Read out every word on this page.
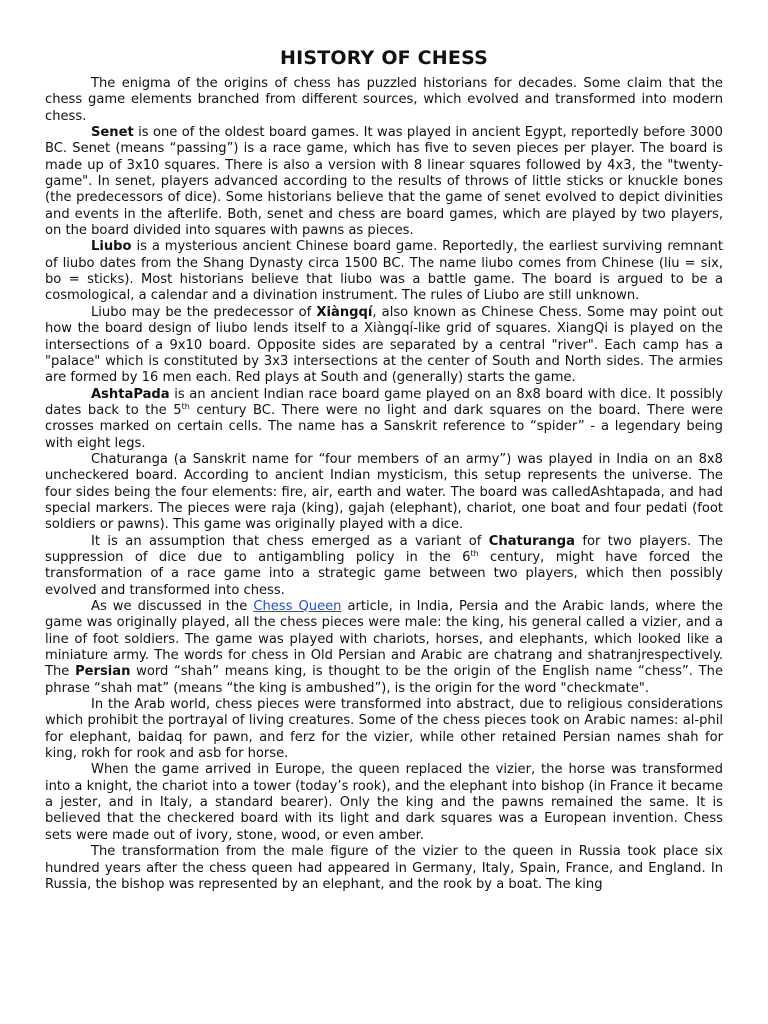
HISTORY OF CHESS

The enigma of the origins of chess has puzzled historians for decades. Some claim that the chess game elements branched from different sources, which evolved and transformed into modern chess.

Senet is one of the oldest board games. It was played in ancient Egypt, reportedly before 3000 BC. Senet (means “passing”) is a race game, which has five to seven pieces per player. The board is made up of 3x10 squares. There is also a version with 8 linear squares followed by 4x3, the "twenty-game". In senet, players advanced according to the results of throws of little sticks or knuckle bones (the predecessors of dice). Some historians believe that the game of senet evolved to depict divinities and events in the afterlife. Both, senet and chess are board games, which are played by two players, on the board divided into squares with pawns as pieces.

Liubo is a mysterious ancient Chinese board game. Reportedly, the earliest surviving remnant of liubo dates from the Shang Dynasty circa 1500 BC. The name liubo comes from Chinese (liu = six, bo = sticks). Most historians believe that liubo was a battle game. The board is argued to be a cosmological, a calendar and a divination instrument. The rules of Liubo are still unknown.

Liubo may be the predecessor of Xiàngqí, also known as Chinese Chess. Some may point out how the board design of liubo lends itself to a Xiàngqí-like grid of squares. XiangQi is played on the intersections of a 9x10 board. Opposite sides are separated by a central "river". Each camp has a "palace" which is constituted by 3x3 intersections at the center of South and North sides. The armies are formed by 16 men each. Red plays at South and (generally) starts the game.

AshtaPada is an ancient Indian race board game played on an 8x8 board with dice. It possibly dates back to the 5th century BC. There were no light and dark squares on the board. There were crosses marked on certain cells. The name has a Sanskrit reference to “spider” - a legendary being with eight legs.

Chaturanga (a Sanskrit name for “four members of an army”) was played in India on an 8x8 uncheckered board. According to ancient Indian mysticism, this setup represents the universe. The four sides being the four elements: fire, air, earth and water. The board was calledAshtapada, and had special markers. The pieces were raja (king), gajah (elephant), chariot, one boat and four pedati (foot soldiers or pawns). This game was originally played with a dice.

It is an assumption that chess emerged as a variant of Chaturanga for two players. The suppression of dice due to antigambling policy in the 6th century, might have forced the transformation of a race game into a strategic game between two players, which then possibly evolved and transformed into chess.

As we discussed in the Chess Queen article, in India, Persia and the Arabic lands, where the game was originally played, all the chess pieces were male: the king, his general called a vizier, and a line of foot soldiers. The game was played with chariots, horses, and elephants, which looked like a miniature army. The words for chess in Old Persian and Arabic are chatrang and shatranjrespectively. The Persian word “shah” means king, is thought to be the origin of the English name “chess”. The phrase “shah mat” (means “the king is ambushed”), is the origin for the word "checkmate".

In the Arab world, chess pieces were transformed into abstract, due to religious considerations which prohibit the portrayal of living creatures. Some of the chess pieces took on Arabic names: al-phil for elephant, baidaq for pawn, and ferz for the vizier, while other retained Persian names shah for king, rokh for rook and asb for horse.

When the game arrived in Europe, the queen replaced the vizier, the horse was transformed into a knight, the chariot into a tower (today’s rook), and the elephant into bishop (in France it became a jester, and in Italy, a standard bearer). Only the king and the pawns remained the same. It is believed that the checkered board with its light and dark squares was a European invention. Chess sets were made out of ivory, stone, wood, or even amber.

The transformation from the male figure of the vizier to the queen in Russia took place six hundred years after the chess queen had appeared in Germany, Italy, Spain, France, and England. In Russia, the bishop was represented by an elephant, and the rook by a boat. The king
